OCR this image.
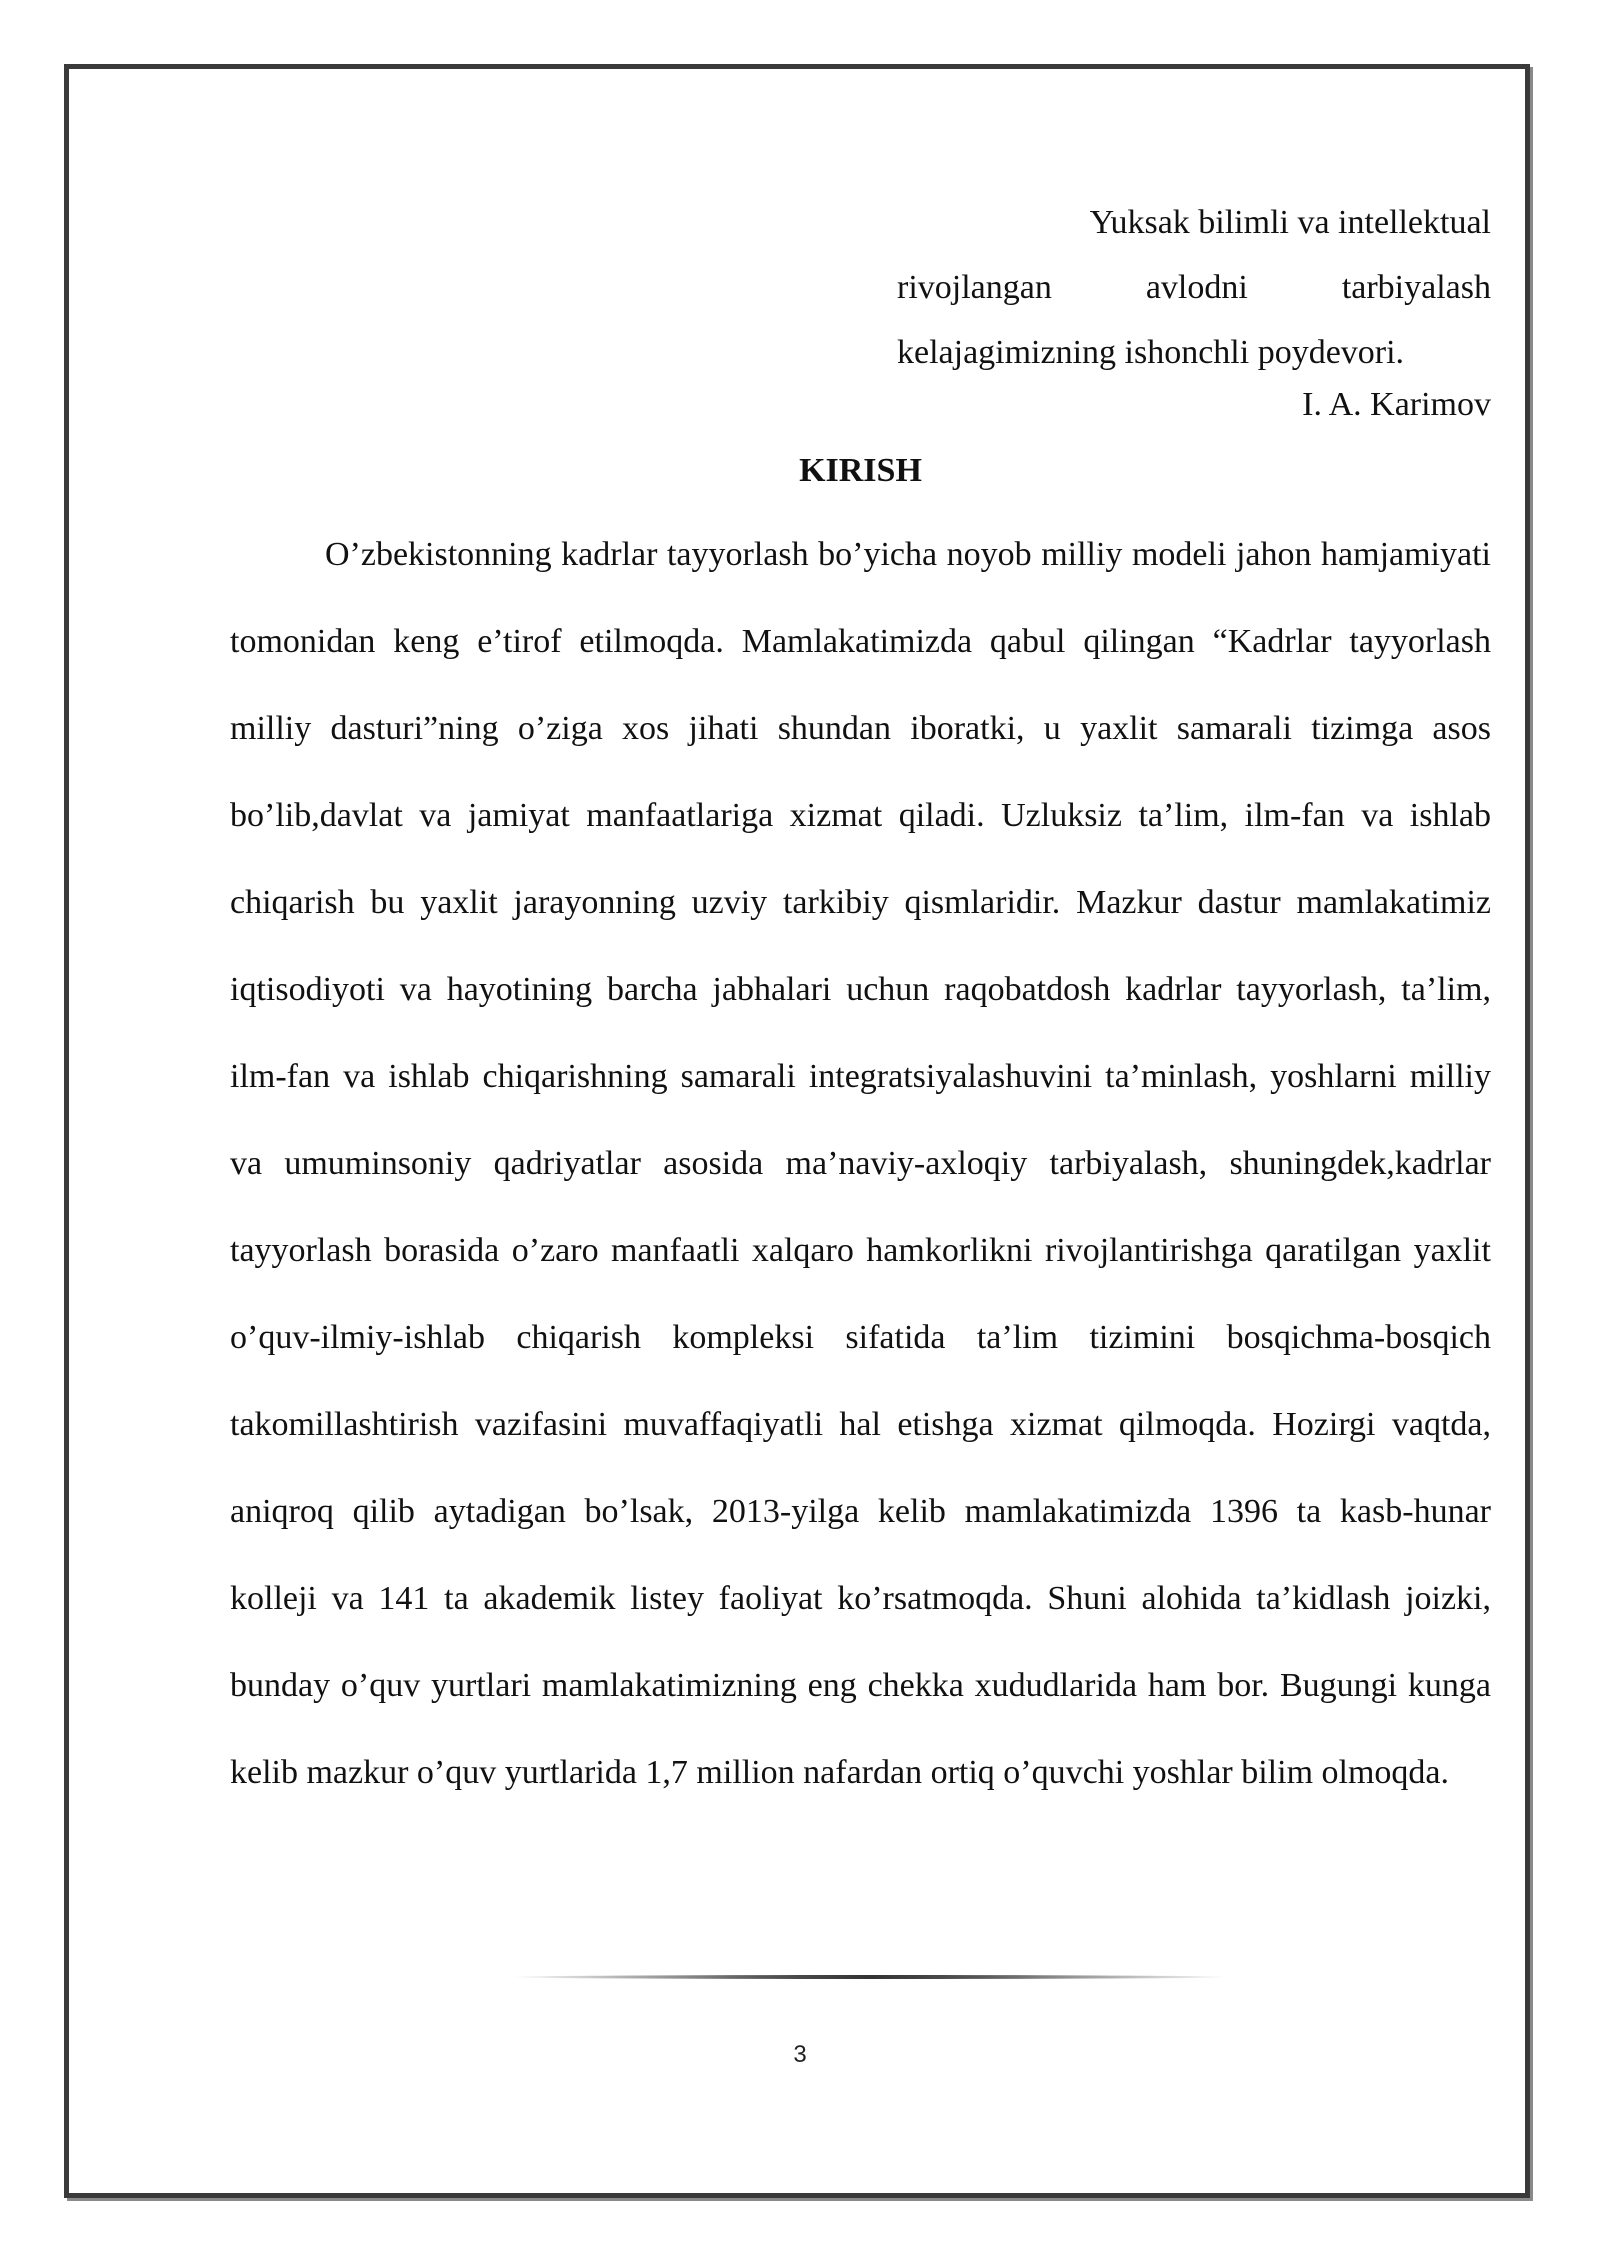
Yuksak bilimli va intellektual
rivojlangan avlodni tarbiyalash
kelajagimizning ishonchli poydevori.
I. A. Karimov
KIRISH

O’zbekistonning kadrlar tayyorlash bo’yicha noyob milliy modeli jahon hamjamiyati tomonidan keng e’tirof etilmoqda. Mamlakatimizda qabul qilingan “Kadrlar tayyorlash milliy dasturi”ning o’ziga xos jihati shundan iboratki, u yaxlit samarali tizimga asos bo’lib,davlat va jamiyat manfaatlariga xizmat qiladi. Uzluksiz ta’lim, ilm-fan va ishlab chiqarish bu yaxlit jarayonning uzviy tarkibiy qismlaridir. Mazkur dastur mamlakatimiz iqtisodiyoti va hayotining barcha jabhalari uchun raqobatdosh kadrlar tayyorlash, ta’lim, ilm-fan va ishlab chiqarishning samarali integratsiyalashuvini ta’minlash, yoshlarni milliy va umuminsoniy qadriyatlar asosida ma’naviy-axloqiy tarbiyalash, shuningdek,kadrlar tayyorlash borasida o’zaro manfaatli xalqaro hamkorlikni rivojlantirishga qaratilgan yaxlit o’quv-ilmiy-ishlab chiqarish kompleksi sifatida ta’lim tizimini bosqichma-bosqich takomillashtirish vazifasini muvaffaqiyatli hal etishga xizmat qilmoqda. Hozirgi vaqtda, aniqroq qilib aytadigan bo’lsak, 2013-yilga kelib mamlakatimizda 1396 ta kasb-hunar kolleji va 141 ta akademik listey faoliyat ko’rsatmoqda. Shuni alohida ta’kidlash joizki, bunday o’quv yurtlari mamlakatimizning eng chekka xududlarida ham bor. Bugungi kunga kelib mazkur o’quv yurtlarida 1,7 million nafardan ortiq o’quvchi yoshlar bilim olmoqda.

3
